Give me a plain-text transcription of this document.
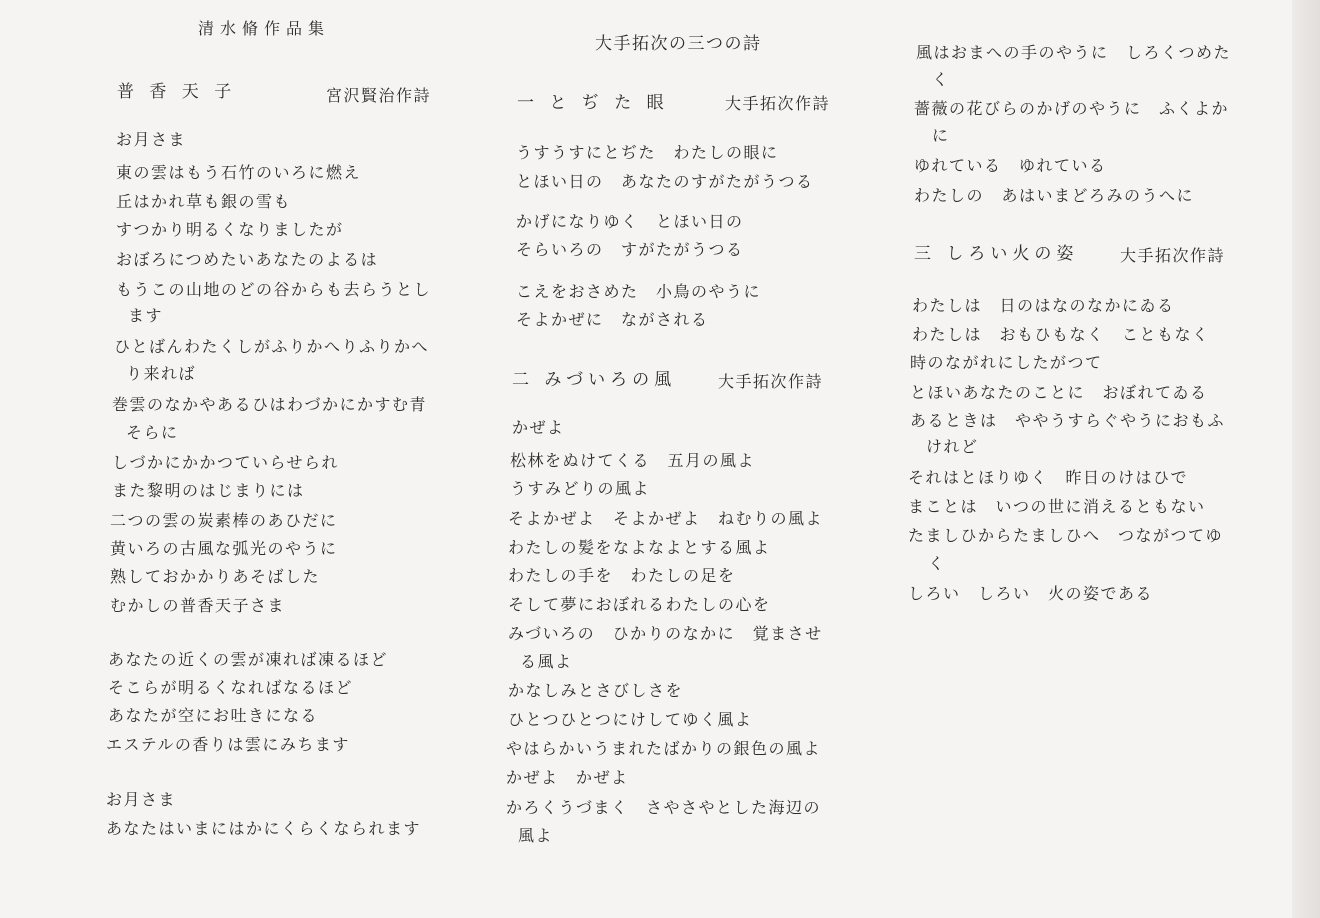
清水脩作品集
普 香 天 子	宮沢賢治作詩
お月さま
東の雲はもう石竹のいろに燃え
丘はかれ草も銀の雪も
すつかり明るくなりましたが
おぼろにつめたいあなたのよるは
もうこの山地のどの谷からも去らうとし
ます
ひとばんわたくしがふりかへりふりかへ
り来れば
巻雲のなかやあるひはわづかにかすむ青
そらに
しづかにかかつていらせられ
また黎明のはじまりには
二つの雲の炭素棒のあひだに
黄いろの古風な弧光のやうに
熟しておかかりあそばした
むかしの普香天子さま
あなたの近くの雲が凍れば凍るほど
そこらが明るくなればなるほど
あなたが空にお吐きになる
エステルの香りは雲にみちます
お月さま
あなたはいまにはかにくらくなられます
大手拓次の三つの詩
一 と ぢ た 眼	大手拓次作詩
うすうすにとぢた　わたしの眼に
とほい日の　あなたのすがたがうつる
かげになりゆく　とほい日の
そらいろの　すがたがうつる
こえをおさめた　小鳥のやうに
そよかぜに　ながされる
二 みづいろの風	大手拓次作詩
かぜよ
松林をぬけてくる　五月の風よ
うすみどりの風よ
そよかぜよ　そよかぜよ　ねむりの風よ
わたしの髪をなよなよとする風よ
わたしの手を　わたしの足を
そして夢におぼれるわたしの心を
みづいろの　ひかりのなかに　覚まさせ
る風よ
かなしみとさびしさを
ひとつひとつにけしてゆく風よ
やはらかいうまれたばかりの銀色の風よ
かぜよ　かぜよ
かろくうづまく　さやさやとした海辺の
風よ
風はおまへの手のやうに　しろくつめた
く
薔薇の花びらのかげのやうに　ふくよか
に
ゆれている　ゆれている
わたしの　あはいまどろみのうへに
三 しろい火の姿	大手拓次作詩
わたしは　日のはなのなかにゐる
わたしは　おもひもなく　こともなく
時のながれにしたがつて
とほいあなたのことに　おぼれてゐる
あるときは　ややうすらぐやうにおもふ
けれど
それはとほりゆく　昨日のけはひで
まことは　いつの世に消えるともない
たましひからたましひへ　つながつてゆ
く
しろい　しろい　火の姿である
